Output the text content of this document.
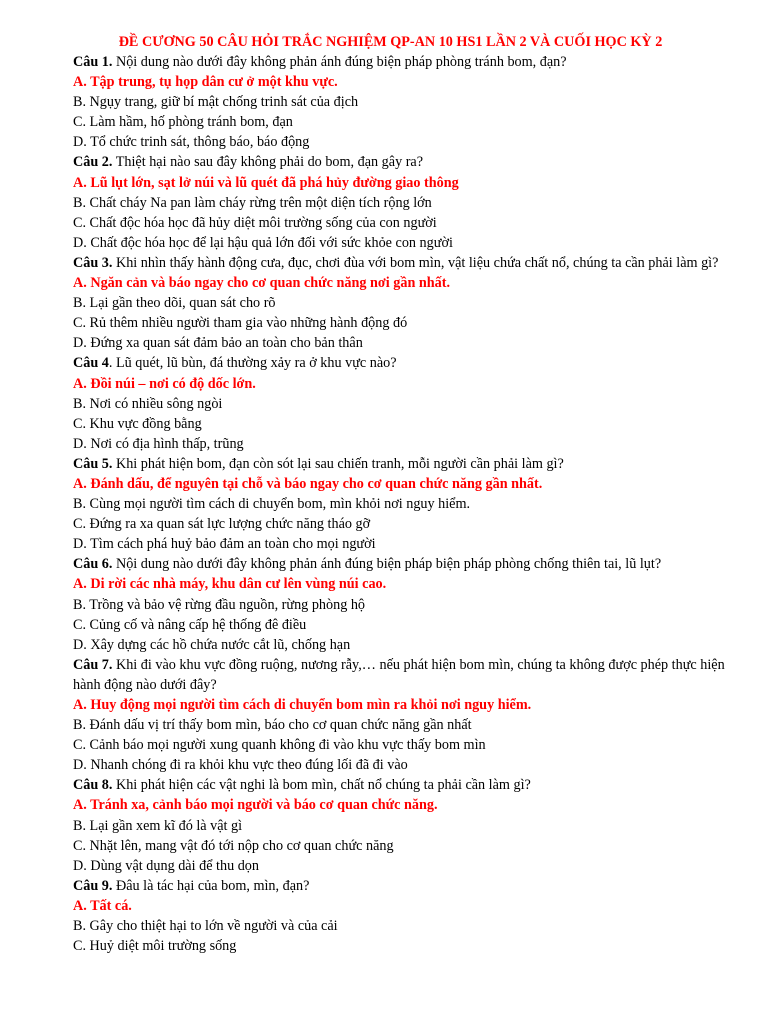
ĐỀ CƯƠNG 50 CÂU HỎI TRẮC NGHIỆM QP-AN 10 HS1 LẦN 2 VÀ CUỐI HỌC KỲ 2
Câu 1. Nội dung nào dưới đây không phản ánh đúng biện pháp phòng tránh bom, đạn?
A. Tập trung, tụ họp dân cư ở một khu vực.
B. Ngụy trang, giữ bí mật chống trinh sát của địch
C. Làm hầm, hố phòng tránh bom, đạn
D. Tổ chức trinh sát, thông báo, báo động
Câu 2. Thiệt hại nào sau đây không phải do bom, đạn gây ra?
A. Lũ lụt lớn, sạt lở núi và lũ quét đã phá hủy đường giao thông
B. Chất cháy Na pan làm cháy rừng trên một diện tích rộng lớn
C. Chất độc hóa học đã hủy diệt môi trường sống của con người
D. Chất độc hóa học để lại hậu quả lớn đối với sức khỏe con người
Câu 3. Khi nhìn thấy hành động cưa, đục, chơi đùa với bom mìn, vật liệu chứa chất nổ, chúng ta cần phải làm gì?
A. Ngăn cản và báo ngay cho cơ quan chức năng nơi gần nhất.
B. Lại gần theo dõi, quan sát cho rõ
C. Rủ thêm nhiều người tham gia vào những hành động đó
D. Đứng xa quan sát đảm bảo an toàn cho bản thân
Câu 4. Lũ quét, lũ bùn, đá thường xảy ra ở khu vực nào?
A. Đồi núi – nơi có độ dốc lớn.
B. Nơi có nhiều sông ngòi
C. Khu vực đồng bằng
D. Nơi có địa hình thấp, trũng
Câu 5. Khi phát hiện bom, đạn còn sót lại sau chiến tranh, mỗi người cần phải làm gì?
A. Đánh dấu, để nguyên tại chỗ và báo ngay cho cơ quan chức năng gần nhất.
B. Cùng mọi người tìm cách di chuyển bom, mìn khỏi nơi nguy hiểm.
C. Đứng ra xa quan sát lực lượng chức năng tháo gỡ
D. Tìm cách phá huỷ bảo đảm an toàn cho mọi người
Câu 6. Nội dung nào dưới đây không phản ánh đúng biện pháp biện pháp phòng chống thiên tai, lũ lụt?
A. Di rời các nhà máy, khu dân cư lên vùng núi cao.
B. Trồng và bảo vệ rừng đầu nguồn, rừng phòng hộ
C. Củng cố và nâng cấp hệ thống đê điều
D. Xây dựng các hồ chứa nước cắt lũ, chống hạn
Câu 7. Khi đi vào khu vực đồng ruộng, nương rẫy,… nếu phát hiện bom mìn, chúng ta không được phép thực hiện hành động nào dưới đây?
A. Huy động mọi người tìm cách di chuyển bom mìn ra khỏi nơi nguy hiểm.
B. Đánh dấu vị trí thấy bom mìn, báo cho cơ quan chức năng gần nhất
C. Cảnh báo mọi người xung quanh không đi vào khu vực thấy bom mìn
D. Nhanh chóng đi ra khỏi khu vực theo đúng lối đã đi vào
Câu 8. Khi phát hiện các vật nghi là bom mìn, chất nổ chúng ta phải cần làm gì?
A. Tránh xa, cảnh báo mọi người và báo cơ quan chức năng.
B. Lại gần xem kĩ đó là vật gì
C. Nhặt lên, mang vật đó tới nộp cho cơ quan chức năng
D. Dùng vật dụng dài để thu dọn
Câu 9. Đâu là tác hại của bom, mìn, đạn?
A. Tất cá.
B. Gây cho thiệt hại to lớn về người và của cải
C. Huỷ diệt môi trường sống
